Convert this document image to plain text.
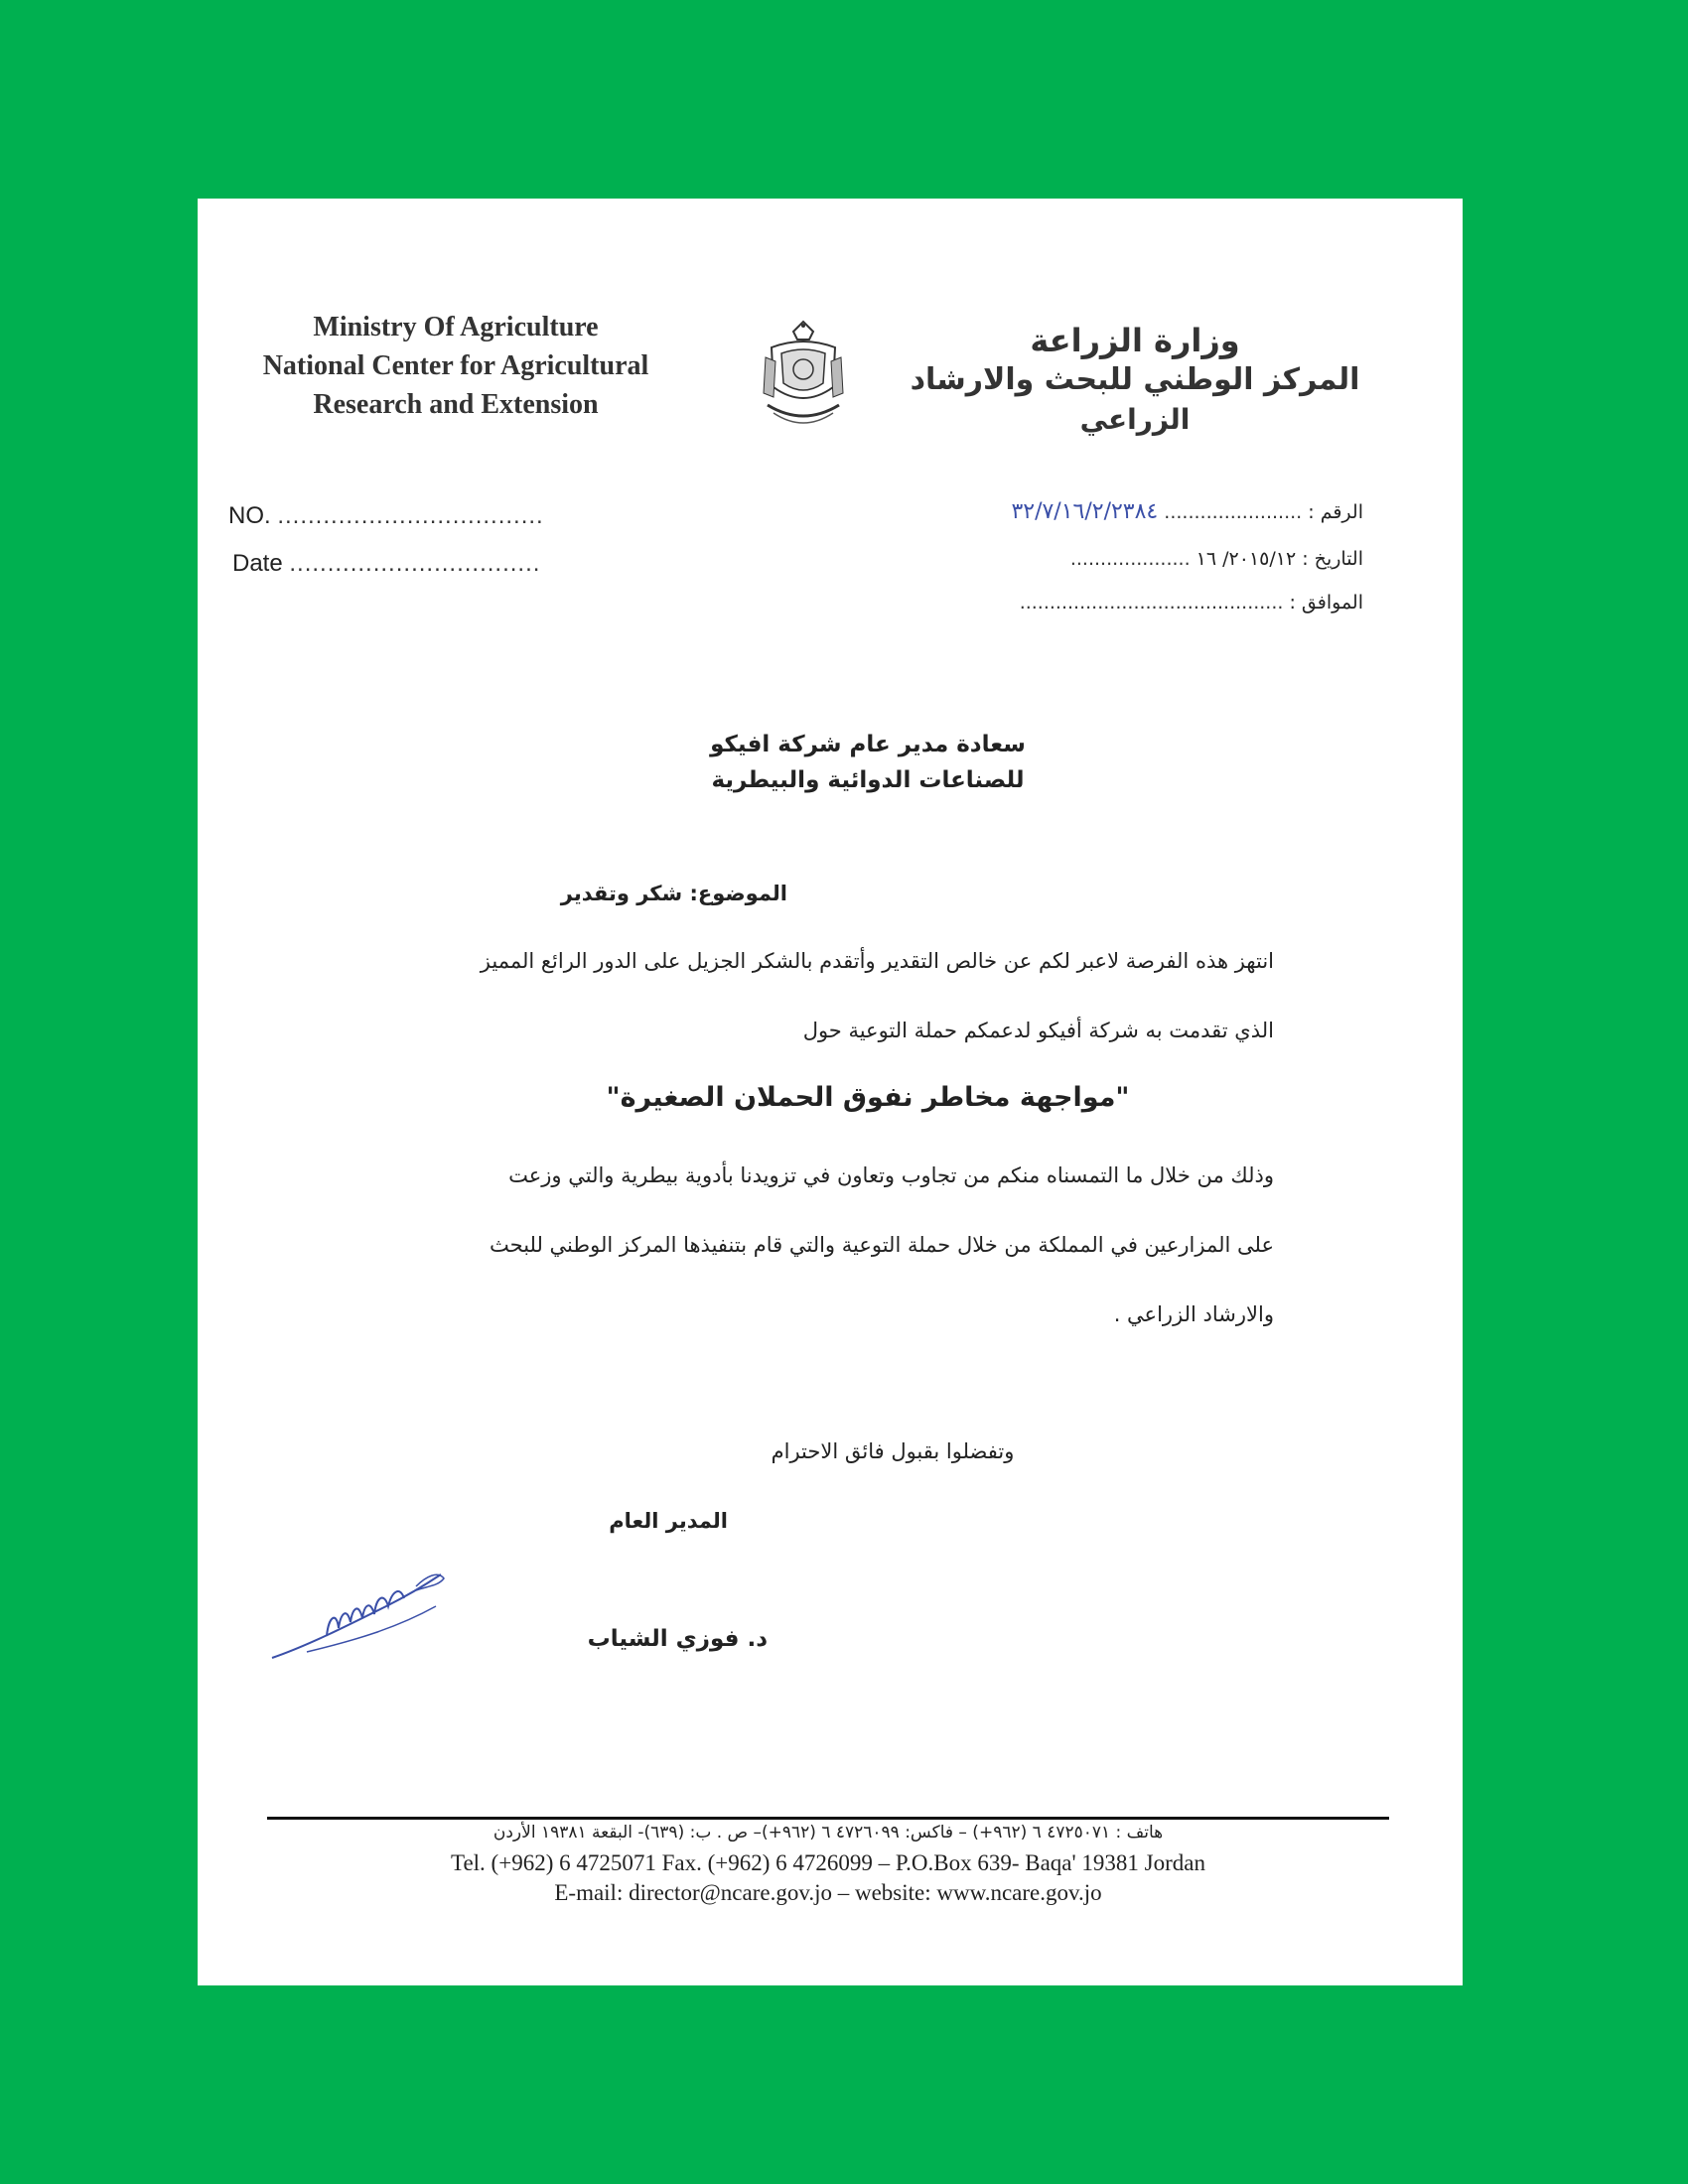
Ministry Of Agriculture
National Center for Agricultural
Research and Extension
وزارة الزراعة
المركز الوطني للبحث والارشاد
الزراعي
NO. ...................................
Date .................................
الرقم : ....................... ٣٢/٧/١٦/٢/٢٣٨٤
التاريخ : ٢٠١٥/١٢/ ١٦ ....................
الموافق : ............................................
سعادة مدير عام شركة افيكو
للصناعات الدوائية والبيطرية
الموضوع: شكر وتقدير
انتهز هذه الفرصة لاعبر لكم عن خالص التقدير وأتقدم بالشكر الجزيل على الدور الرائع المميز
الذي تقدمت به شركة أفيكو لدعمكم حملة التوعية حول
"مواجهة مخاطر نفوق الحملان الصغيرة"
وذلك من خلال ما التمسناه منكم من تجاوب وتعاون في تزويدنا بأدوية بيطرية والتي وزعت
على المزارعين في المملكة من خلال حملة التوعية والتي قام بتنفيذها المركز الوطني للبحث
والارشاد الزراعي .
وتفضلوا بقبول فائق الاحترام
المدير العام
د. فوزي الشياب
هاتف : ٤٧٢٥٠٧١ ٦ (٩٦٢+) – فاكس: ٤٧٢٦٠٩٩ ٦ (٩٦٢+)– ص . ب: (٦٣٩)- البقعة ١٩٣٨١ الأردن
Tel. (+962) 6 4725071 Fax. (+962) 6 4726099 – P.O.Box 639- Baqa' 19381 Jordan
E-mail: director@ncare.gov.jo – website: www.ncare.gov.jo
